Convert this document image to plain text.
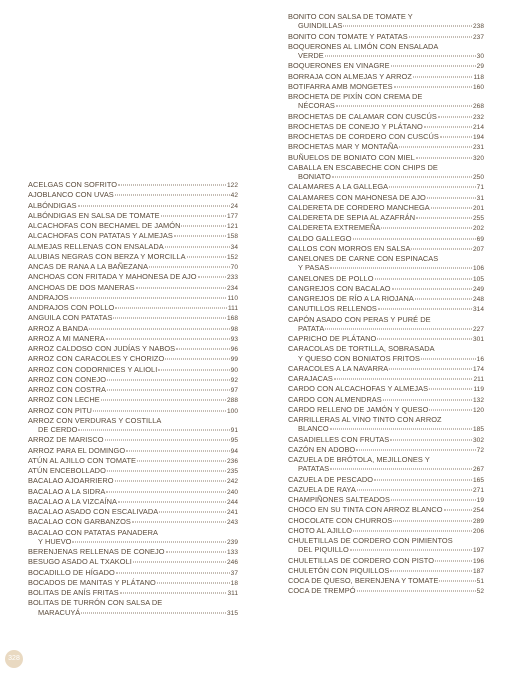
ACELGAS CON SOFRITO	122
AJOBLANCO CON UVAS	42
ALBÓNDIGAS	24
ALBÓNDIGAS EN SALSA DE TOMATE	177
ALCACHOFAS CON BECHAMEL DE JAMÓN	121
ALCACHOFAS CON PATATAS Y ALMEJAS	158
ALMEJAS RELLENAS CON ENSALADA	34
ALUBIAS NEGRAS CON BERZA Y MORCILLA	152
ANCAS DE RANA A LA BAÑEZANA	70
ANCHOAS CON FRITADA Y MAHONESA DE AJO	233
ANCHOAS DE DOS MANERAS	234
ANDRAJOS	110
ANDRAJOS CON POLLO	111
ANGUILA CON PATATAS	168
ARROZ A BANDA	98
ARROZ A MI MANERA	93
ARROZ CALDOSO CON JUDÍAS Y NABOS	96
ARROZ CON CARACOLES Y CHORIZO	99
ARROZ CON CODORNICES Y ALIOLI	90
ARROZ CON CONEJO	92
ARROZ CON COSTRA	97
ARROZ CON LECHE	288
ARROZ CON PITU	100
ARROZ CON VERDURAS Y COSTILLA
DE CERDO	91
ARROZ DE MARISCO	95
ARROZ PARA EL DOMINGO	94
ATÚN AL AJILLO CON TOMATE	236
ATÚN ENCEBOLLADO	235
BACALAO AJOARRIERO	242
BACALAO A LA SIDRA	240
BACALAO A LA VIZCAÍNA	244
BACALAO ASADO CON ESCALIVADA	241
BACALAO CON GARBANZOS	243
BACALAO CON PATATAS PANADERA
Y HUEVO	239
BERENJENAS RELLENAS DE CONEJO	133
BESUGO ASADO AL TXAKOLI	246
BOCADILLO DE HÍGADO	37
BOCADOS DE MANITAS Y PLÁTANO	18
BOLITAS DE ANÍS FRITAS	311
BOLITAS DE TURRÓN CON SALSA DE
MARACUYÁ	315
BONITO CON SALSA DE TOMATE Y
GUINDILLAS	238
BONITO CON TOMATE Y PATATAS	237
BOQUERONES AL LIMÓN CON ENSALADA
VERDE	30
BOQUERONES EN VINAGRE	29
BORRAJA CON ALMEJAS Y ARROZ	118
BOTIFARRA AMB MONGETES	160
BROCHETA DE PIXÍN CON CREMA DE
NÉCORAS	268
BROCHETAS DE CALAMAR CON CUSCÚS	232
BROCHETAS DE CONEJO Y PLÁTANO	214
BROCHETAS DE CORDERO CON CUSCÚS	194
BROCHETAS MAR Y MONTAÑA	231
BUÑUELOS DE BONIATO CON MIEL	320
CABALLA EN ESCABECHE CON CHIPS DE
BONIATO	250
CALAMARES A LA GALLEGA	71
CALAMARES CON MAHONESA DE AJO	31
CALDERETA DE CORDERO MANCHEGA	201
CALDERETA DE SEPIA AL AZAFRÁN	255
CALDERETA EXTREMEÑA	202
CALDO GALLEGO	69
CALLOS CON MORROS EN SALSA	207
CANELONES DE CARNE CON ESPINACAS
Y PASAS	106
CANELONES DE POLLO	105
CANGREJOS CON BACALAO	249
CANGREJOS DE RÍO A LA RIOJANA	248
CANUTILLOS RELLENOS	314
CAPÓN ASADO CON PERAS Y PURÉ DE
PATATA	227
CAPRICHO DE PLÁTANO	301
CARACOLAS DE TORTILLA, SOBRASADA
Y QUESO CON BONIATOS FRITOS	16
CARACOLES A LA NAVARRA	174
CARAJACAS	211
CARDO CON ALCACHOFAS Y ALMEJAS	119
CARDO CON ALMENDRAS	132
CARDO RELLENO DE JAMÓN Y QUESO	120
CARRILLERAS AL VINO TINTO CON ARROZ
BLANCO	185
CASADIELLES CON FRUTAS	302
CAZÓN EN ADOBO	72
CAZUELA DE BRÓTOLA, MEJILLONES Y
PATATAS	267
CAZUELA DE PESCADO	165
CAZUELA DE RAYA	271
CHAMPIÑONES SALTEADOS	19
CHOCO EN SU TINTA CON ARROZ BLANCO	254
CHOCOLATE CON CHURROS	289
CHOTO AL AJILLO	206
CHULETILLAS DE CORDERO CON PIMIENTOS
DEL PIQUILLO	197
CHULETILLAS DE CORDERO CON PISTO	196
CHULETÓN CON PIQUILLOS	187
COCA DE QUESO, BERENJENA Y TOMATE	51
COCA DE TREMPÓ	52
328
